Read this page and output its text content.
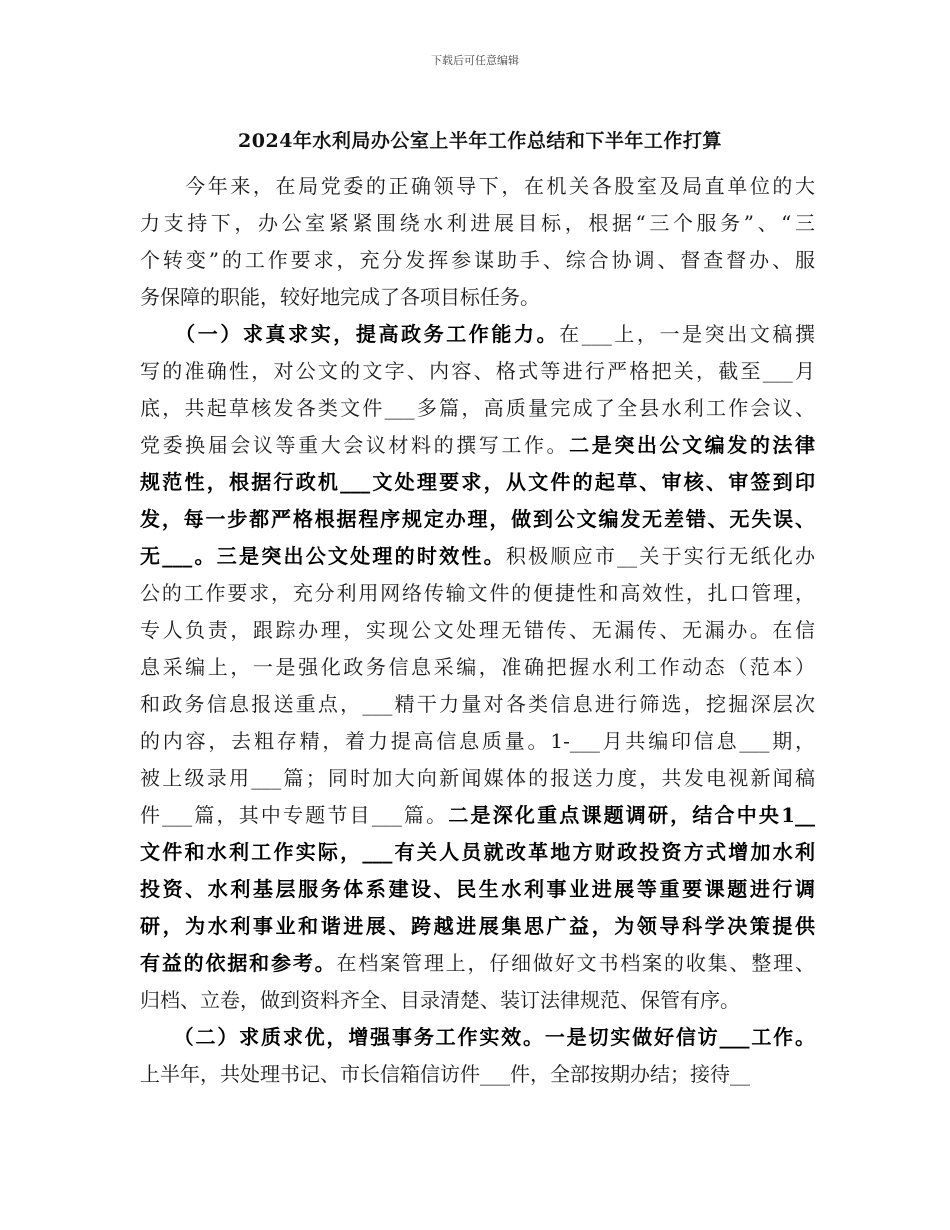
下载后可任意编辑
2024年水利局办公室上半年工作总结和下半年工作打算
　　今年来，在局党委的正确领导下，在机关各股室及局直单位的大
力支持下，办公室紧紧围绕水利进展目标，根据“三个服务”、“三
个转变”的工作要求，充分发挥参谋助手、综合协调、督查督办、服
务保障的职能，较好地完成了各项目标任务。
　　（一）求真求实，提高政务工作能力。在___上，一是突出文稿撰
写的准确性，对公文的文字、内容、格式等进行严格把关，截至___月
底，共起草核发各类文件___多篇，高质量完成了全县水利工作会议、
党委换届会议等重大会议材料的撰写工作。二是突出公文编发的法律
规范性，根据行政机___文处理要求，从文件的起草、审核、审签到印
发，每一步都严格根据程序规定办理，做到公文编发无差错、无失误、
无___。三是突出公文处理的时效性。积极顺应市__关于实行无纸化办
公的工作要求，充分利用网络传输文件的便捷性和高效性，扎口管理，
专人负责，跟踪办理，实现公文处理无错传、无漏传、无漏办。在信
息采编上，一是强化政务信息采编，准确把握水利工作动态（范本）
和政务信息报送重点，___精干力量对各类信息进行筛选，挖掘深层次
的内容，去粗存精，着力提高信息质量。1-___月共编印信息___期，
被上级录用___篇；同时加大向新闻媒体的报送力度，共发电视新闻稿
件___篇，其中专题节目___篇。二是深化重点课题调研，结合中央1__
文件和水利工作实际，___有关人员就改革地方财政投资方式增加水利
投资、水利基层服务体系建设、民生水利事业进展等重要课题进行调
研，为水利事业和谐进展、跨越进展集思广益，为领导科学决策提供
有益的依据和参考。在档案管理上，仔细做好文书档案的收集、整理、
归档、立卷，做到资料齐全、目录清楚、装订法律规范、保管有序。
　　（二）求质求优，增强事务工作实效。一是切实做好信访___工作。
上半年，共处理书记、市长信箱信访件___件，全部按期办结；接待__
